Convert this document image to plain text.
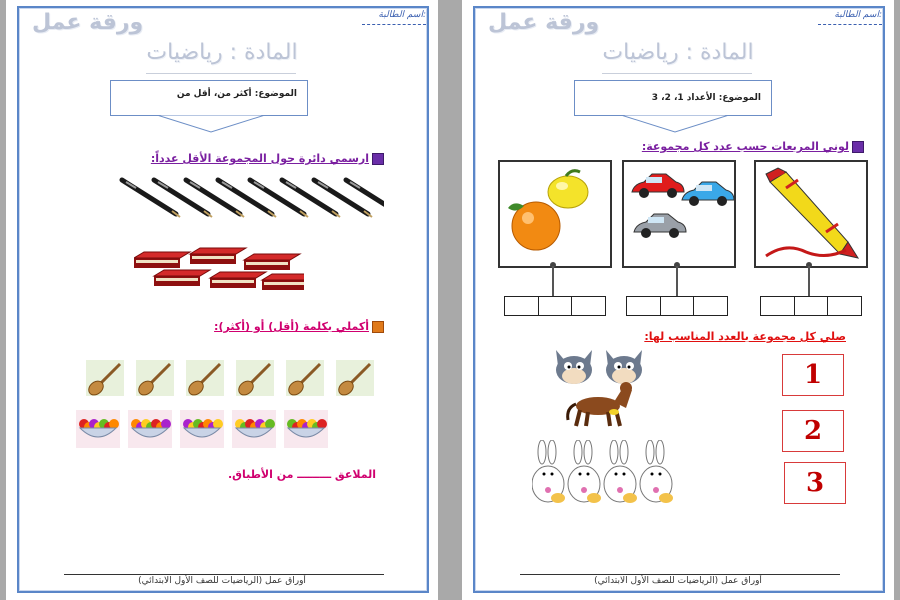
اسم الطالبة:
ورقة عمل
المادة : رياضيات
الموضوع: أكثر من، أقل من
ارسمي دائرة حول المجموعة الأقل عدداً:
أكملي بكلمة (أقل) أو (أكثر):
الملاعق ـــــــــ من الأطباق.
أوراق عمل (الرياضيات للصف الأول الابتدائي)
اسم الطالبة:
ورقة عمل
المادة : رياضيات
الموضوع: الأعداد 1، 2، 3
لوني المربعات حسب عدد كل مجموعة:
صلي كل مجموعة بالعدد المناسب لها:
1
2
3
أوراق عمل (الرياضيات للصف الأول الابتدائي)
